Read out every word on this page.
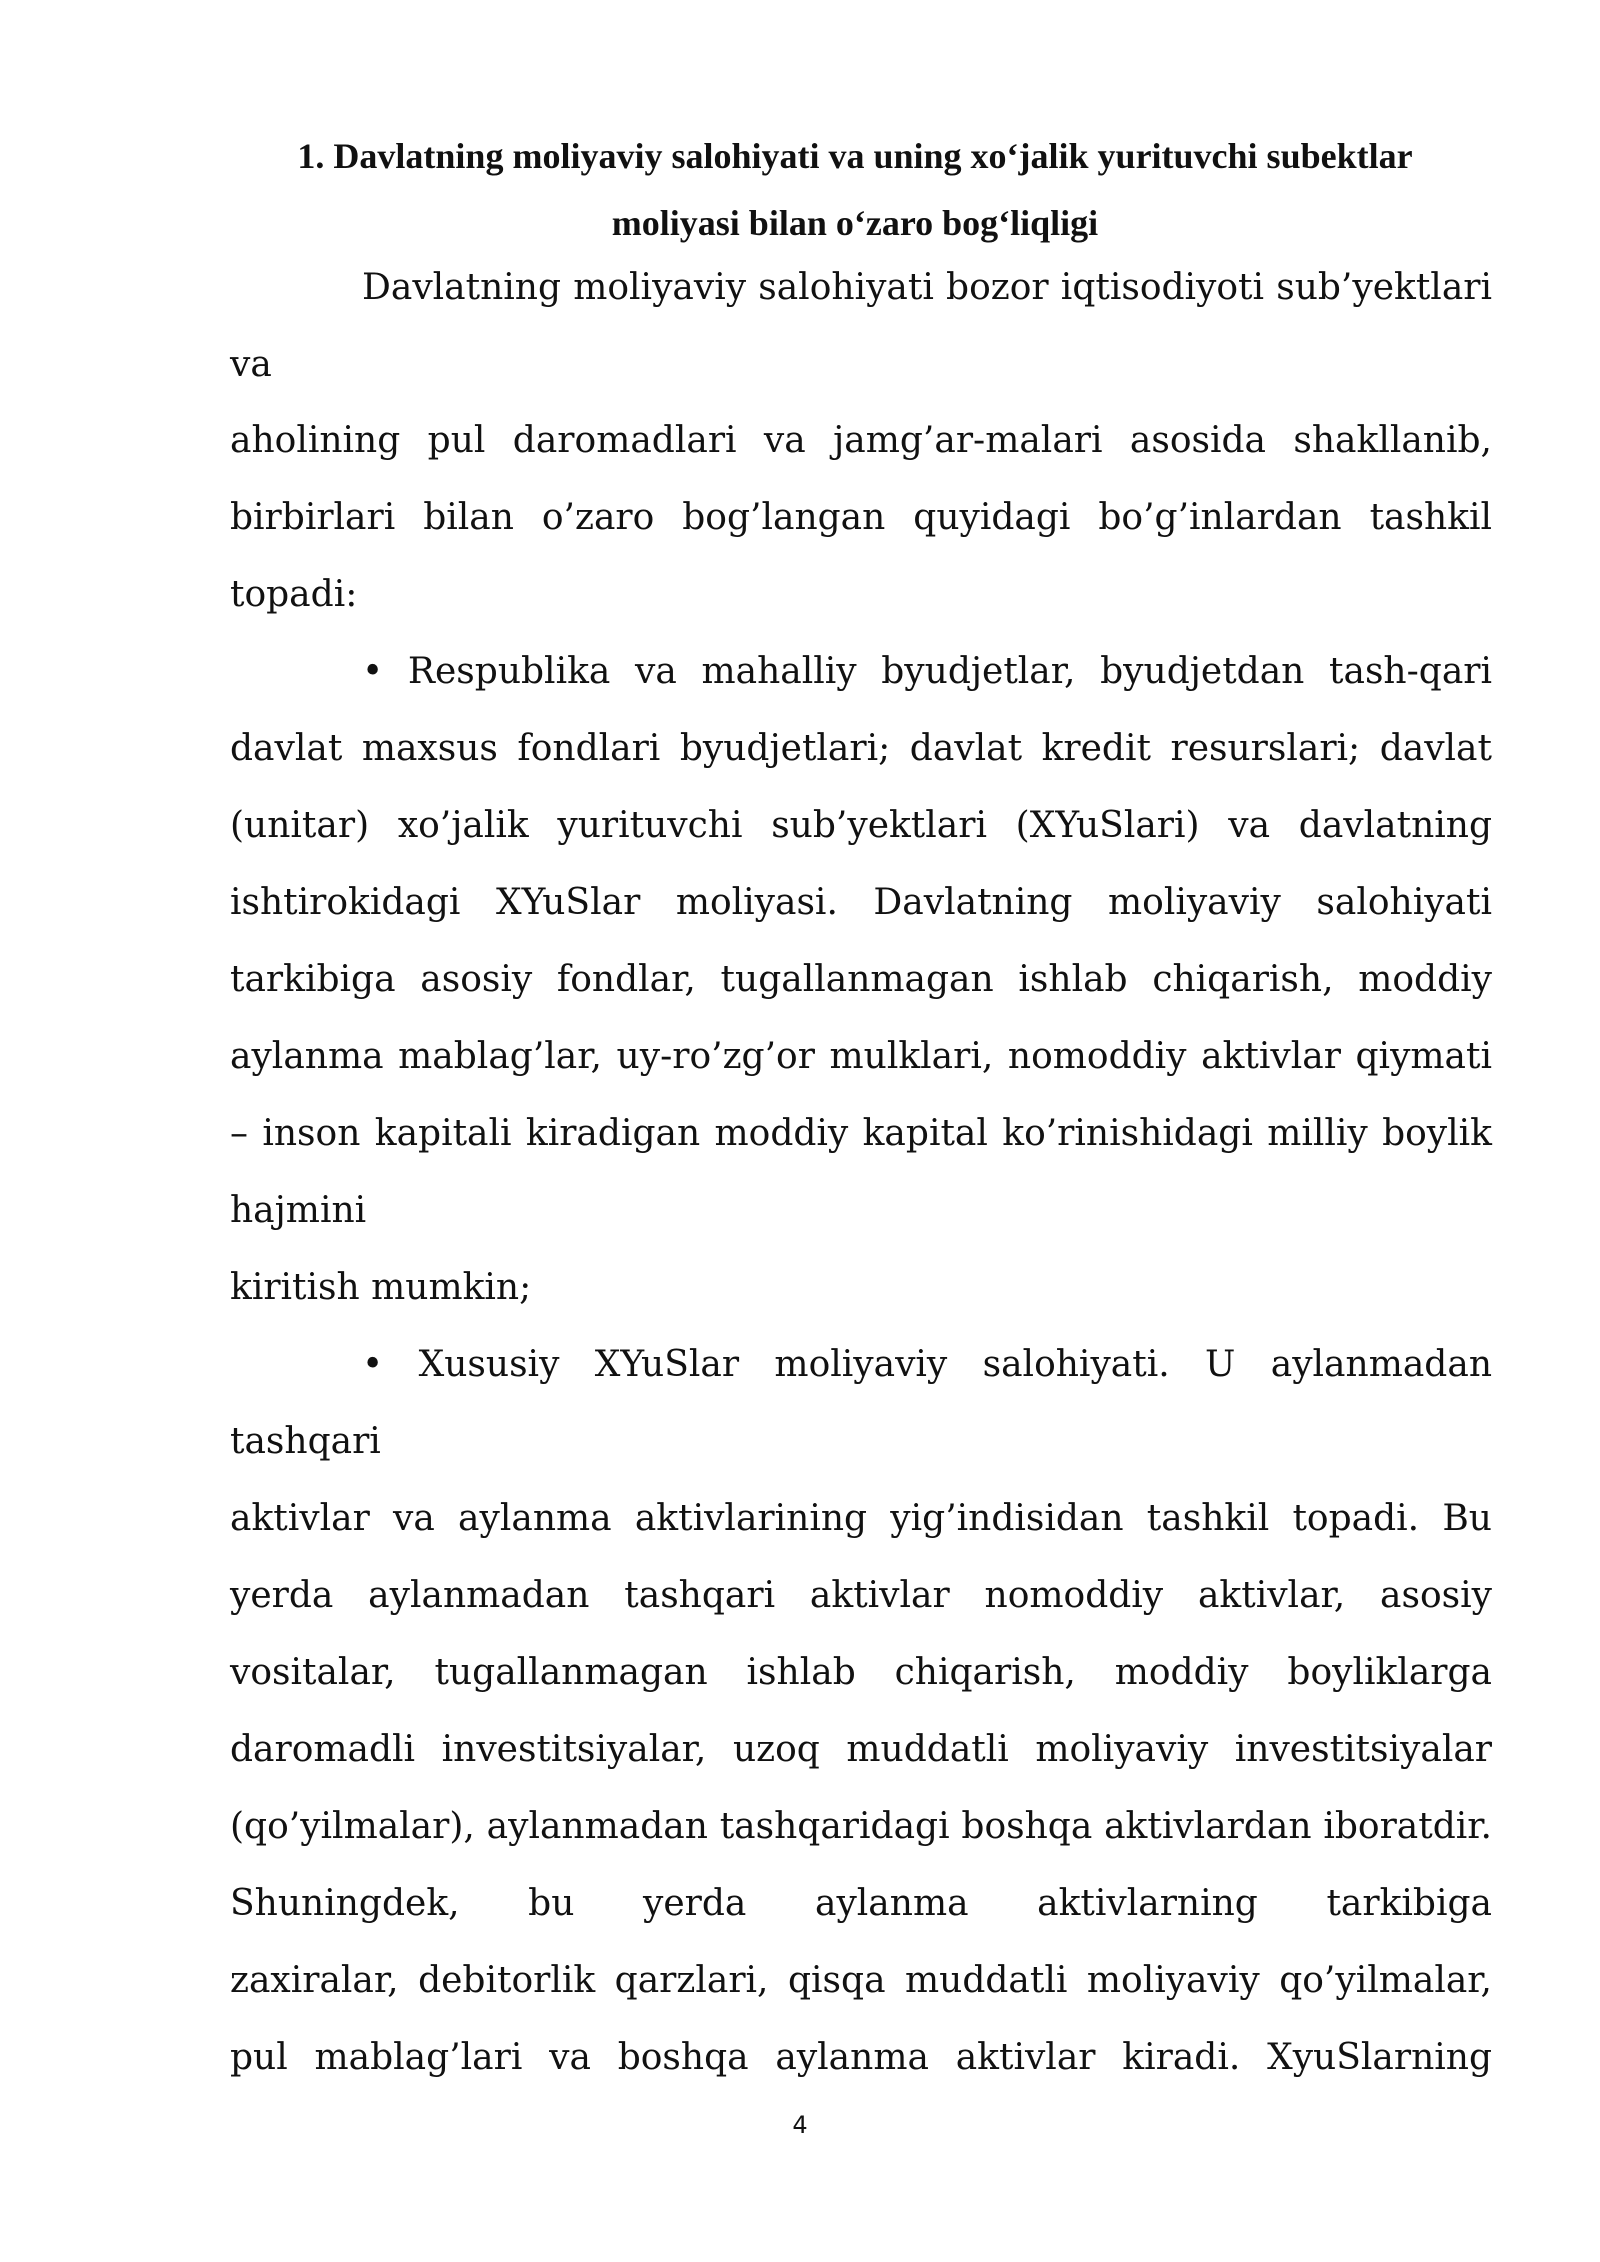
1. Davlatning moliyaviy salohiyati va uning xo‘jalik yurituvchi subektlar

moliyasi bilan o‘zaro bog‘liqligi

Davlatning moliyaviy salohiyati bozor iqtisodiyoti sub’yektlari

va

aholining pul daromadlari va jamg’ar-malari asosida shakllanib,

birbirlari bilan o’zaro bog’langan quyidagi bo’g’inlardan tashkil

topadi:

• Respublika va mahalliy byudjetlar, byudjetdan tash-qari

davlat maxsus fondlari byudjetlari; davlat kredit resurslari; davlat

(unitar) xo’jalik yurituvchi sub’yektlari (XYuSlari) va davlatning

ishtirokidagi XYuSlar moliyasi. Davlatning moliyaviy salohiyati

tarkibiga asosiy fondlar, tugallanmagan ishlab chiqarish, moddiy

aylanma mablag’lar, uy-ro’zg’or mulklari, nomoddiy aktivlar qiymati

– inson kapitali kiradigan moddiy kapital ko’rinishidagi milliy boylik

hajmini

kiritish mumkin;

• Xususiy XYuSlar moliyaviy salohiyati. U aylanmadan

tashqari

aktivlar va aylanma aktivlarining yig’indisidan tashkil topadi. Bu

yerda aylanmadan tashqari aktivlar nomoddiy aktivlar, asosiy

vositalar, tugallanmagan ishlab chiqarish, moddiy boyliklarga

daromadli investitsiyalar, uzoq muddatli moliyaviy investitsiyalar

(qo’yilmalar), aylanmadan tashqaridagi boshqa aktivlardan iboratdir.

Shuningdek, bu yerda aylanma aktivlarning tarkibiga

zaxiralar, debitorlik qarzlari, qisqa muddatli moliyaviy qo’yilmalar,

pul mablag’lari va boshqa aylanma aktivlar kiradi. XyuSlarning

4
